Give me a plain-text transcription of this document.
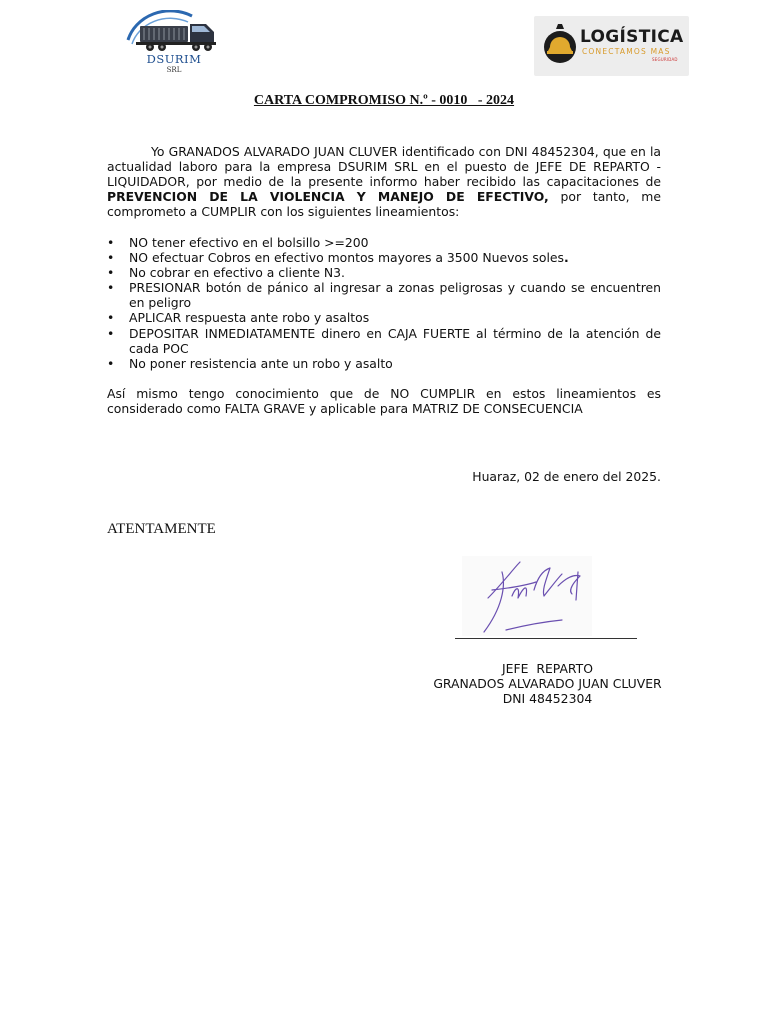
DSURIM
SRL
LOGÍSTICA
CONECTAMOS MAS
SEGURIDAD
CARTA COMPROMISO N.º - 0010   - 2024

Yo GRANADOS ALVARADO JUAN CLUVER identificado con DNI 48452304, que en la actualidad laboro para la empresa DSURIM SRL en el puesto de JEFE DE REPARTO - LIQUIDADOR, por medio de la presente informo haber recibido las capacitaciones de PREVENCION DE LA VIOLENCIA Y MANEJO DE EFECTIVO, por tanto, me comprometo a CUMPLIR con los siguientes lineamientos:

• NO tener efectivo en el bolsillo >=200
• NO efectuar Cobros en efectivo montos mayores a 3500 Nuevos soles.
• No cobrar en efectivo a cliente N3.
• PRESIONAR botón de pánico al ingresar a zonas peligrosas y cuando se encuentren en peligro
• APLICAR respuesta ante robo y asaltos
• DEPOSITAR INMEDIATAMENTE dinero en CAJA FUERTE al término de la atención de cada POC
• No poner resistencia ante un robo y asalto

Así mismo tengo conocimiento que de NO CUMPLIR en estos lineamientos es considerado como FALTA GRAVE y aplicable para MATRIZ DE CONSECUENCIA

Huaraz, 02 de enero del 2025.
ATENTAMENTE
JEFE  REPARTO
GRANADOS ALVARADO JUAN CLUVER
DNI 48452304
